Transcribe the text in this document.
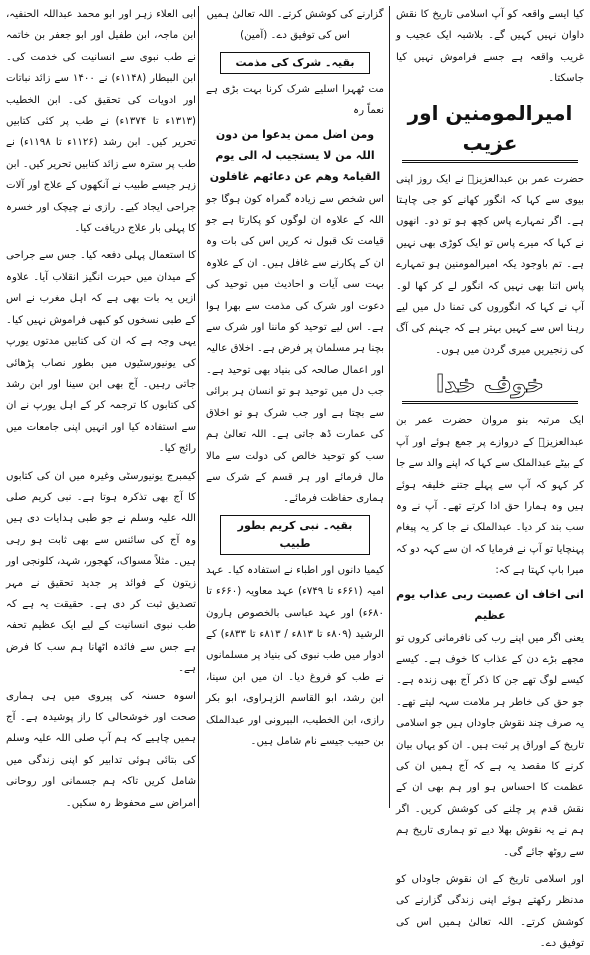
کیا ایسے واقعہ کو آپ اسلامی تاریخ کا نقش داوان نہیں کہیں گے۔ بلاشبہ ایک عجیب و غریب واقعہ ہے جسے فراموش نہیں کیا جاسکتا۔

امیرالمومنین اور عزیب

حضرت عمر بن عبدالعزیزؒ نے ایک روز اپنی بیوی سے کہا کہ انگور کھانے کو جی چاہتا ہے۔ اگر تمہارے پاس کچھ ہو تو دو۔ انھوں نے کہا کہ میرے پاس تو ایک کوڑی بھی نہیں ہے۔ تم باوجود یکہ امیرالمومنین ہو تمہارے پاس اتنا بھی نہیں کہ انگور لے کر کھا لو۔ آپ نے کہا کہ انگوروں کی تمنا دل میں لیے رہنا اس سے کہیں بہتر ہے کہ جہنم کی آگ کی زنجیریں میری گردن میں ہوں۔

خوف خدا

ایک مرتبہ بنو مروان حضرت عمر بن عبدالعزیزؒ کے دروازے پر جمع ہوئے اور آپ کے بیٹے عبدالملک سے کہا کہ اپنے والد سے جا کر کہو کہ آپ سے پہلے جتنے خلیفہ ہوئے ہیں وہ ہمارا حق ادا کرتے تھے۔ آپ نے وہ سب بند کر دیا۔ عبدالملک نے جا کر یہ پیغام پہنچایا تو آپ نے فرمایا کہ ان سے کہہ دو کہ میرا باپ کہتا ہے کہ:

انی اخاف ان عصیت ربی عذاب یوم عظیم

یعنی اگر میں اپنے رب کی نافرمانی کروں تو مجھے بڑے دن کے عذاب کا خوف ہے۔ کیسے کیسے لوگ تھے جن کا ذکر آج بھی زندہ ہے۔ جو حق کی خاطر ہر ملامت سہہ لیتے تھے۔ یہ صرف چند نقوش جاوداں ہیں جو اسلامی تاریخ کے اوراق پر ثبت ہیں۔ ان کو یہاں بیان کرنے کا مقصد یہ ہے کہ آج ہمیں ان کی عظمت کا احساس ہو اور ہم بھی ان کے نقش قدم پر چلنے کی کوشش کریں۔ اگر ہم نے یہ نقوش بھلا دیے تو ہماری تاریخ ہم سے روٹھ جائے گی۔

اور اسلامی تاریخ کے ان نقوش جاوداں کو مدنظر رکھتے ہوئے اپنی زندگی گزارنے کی کوشش کرتے۔ اللہ تعالیٰ ہمیں اس کی توفیق دے۔

گزارنے کی کوشش کرتے۔ اللہ تعالیٰ ہمیں اس کی توفیق دے۔ (آمین)

بقیہ۔ شرک کی مذمت

مت ٹھہرا اسلیے شرک کرنا بہت بڑی ہے نعماً رہ

ومن اضل ممن یدعوا من دون اللہ من لا یستجیب لہ الی یوم القیامۃ وھم عن دعائھم غافلون

اس شخص سے زیادہ گمراہ کون ہوگا جو اللہ کے علاوہ ان لوگوں کو پکارتا ہے جو قیامت تک قبول نہ کریں اس کی بات وہ ان کے پکارنے سے غافل ہیں۔ ان کے علاوہ بہت سی آیات و احادیث میں توحید کی دعوت اور شرک کی مذمت سے بھرا ہوا ہے۔ اس لیے توحید کو ماننا اور شرک سے بچنا ہر مسلمان پر فرض ہے۔ اخلاق عالیہ اور اعمال صالحہ کی بنیاد بھی توحید ہے۔ جب دل میں توحید ہو تو انسان ہر برائی سے بچتا ہے اور جب شرک ہو تو اخلاق کی عمارت ڈھ جاتی ہے۔ اللہ تعالیٰ ہم سب کو توحید خالص کی دولت سے مالا مال فرمائے اور ہر قسم کے شرک سے ہماری حفاظت فرمائے۔

بقیہ۔ نبی کریم بطور طبیب

کیمیا دانوں اور اطباء نے استفادہ کیا۔ عہد امیہ (۶۶۱ء تا ۷۴۹ء) عہد معاویہ (۶۶۰ء تا ۶۸۰ء) اور عہد عباسی بالخصوص ہارون الرشید (۸۰۹ء تا ۸۱۳ء / ۸۱۳ء تا ۸۳۳ء) کے ادوار میں طب نبوی کی بنیاد پر مسلمانوں نے طب کو فروغ دیا۔ ان میں ابن سینا، ابن رشد، ابو القاسم الزہراوی، ابو بکر رازی، ابن الخطیب، البیرونی اور عبدالملک بن حبیب جیسے نام شامل ہیں۔

ابی العلاء زہر اور ابو محمد عبداللہ الحنفیہ، ابن ماجہ، ابن طفیل اور ابو جعفر بن خاتمہ نے طب نبوی سے انسانیت کی خدمت کی۔ ابن البیطار (۱۱۴۸ء) نے ۱۴۰۰ سے زائد نباتات اور ادویات کی تحقیق کی۔ ابن الخطیب (۱۳۱۳ء تا ۱۳۷۴ء) نے طب پر کئی کتابیں تحریر کیں۔ ابن رشد (۱۱۲۶ء تا ۱۱۹۸ء) نے طب پر سترہ سے زائد کتابیں تحریر کیں۔ ابن زہر جیسے طبیب نے آنکھوں کے علاج اور آلات جراحی ایجاد کیے۔ رازی نے چیچک اور خسرہ کا پہلی بار علاج دریافت کیا۔

کا استعمال پہلی دفعہ کیا۔ جس سے جراحی کے میدان میں حیرت انگیز انقلاب آیا۔ علاوہ ازیں یہ بات بھی ہے کہ اہل مغرب نے اس کے طبی نسخوں کو کبھی فراموش نہیں کیا۔ یہی وجہ ہے کہ ان کی کتابیں مدتوں یورپ کی یونیورسٹیوں میں بطور نصاب پڑھائی جاتی رہیں۔ آج بھی ابن سینا اور ابن رشد کی کتابوں کا ترجمہ کر کے اہل یورپ نے ان سے استفادہ کیا اور انہیں اپنی جامعات میں رائج کیا۔

کیمبرج یونیورسٹی وغیرہ میں ان کی کتابوں کا آج بھی تذکرہ ہوتا ہے۔ نبی کریم صلی اللہ علیہ وسلم نے جو طبی ہدایات دی ہیں وہ آج کی سائنس سے بھی ثابت ہو رہی ہیں۔ مثلاً مسواک، کھجور، شہد، کلونجی اور زیتون کے فوائد پر جدید تحقیق نے مہر تصدیق ثبت کر دی ہے۔ حقیقت یہ ہے کہ طب نبوی انسانیت کے لیے ایک عظیم تحفہ ہے جس سے فائدہ اٹھانا ہم سب کا فرض ہے۔

اسوہ حسنہ کی پیروی میں ہی ہماری صحت اور خوشحالی کا راز پوشیدہ ہے۔ آج ہمیں چاہیے کہ ہم آپ صلی اللہ علیہ وسلم کی بتائی ہوئی تدابیر کو اپنی زندگی میں شامل کریں تاکہ ہم جسمانی اور روحانی امراض سے محفوظ رہ سکیں۔
